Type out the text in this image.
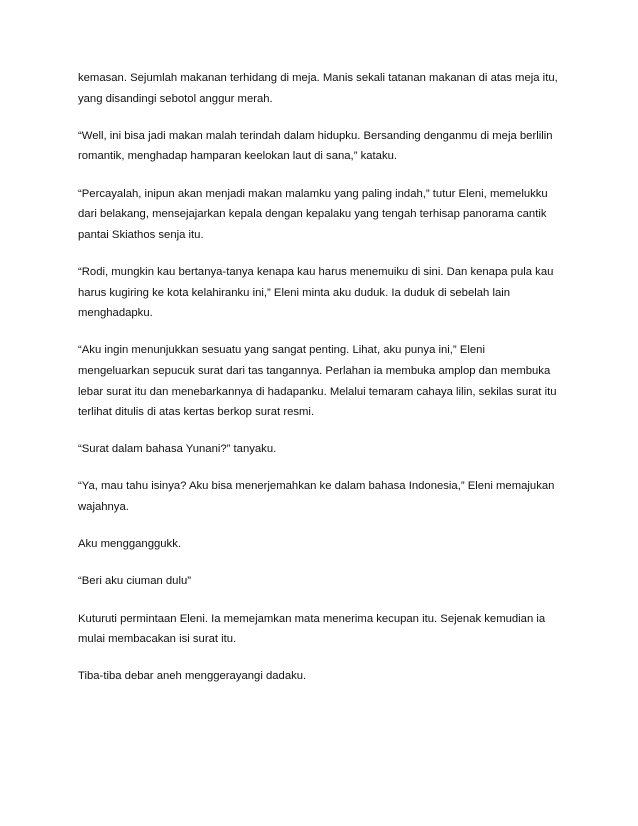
kemasan. Sejumlah makanan terhidang di meja. Manis sekali tatanan makanan di atas meja itu,
yang disandingi sebotol anggur merah.

“Well, ini bisa jadi makan malah terindah dalam hidupku. Bersanding denganmu di meja berlilin
romantik, menghadap hamparan keelokan laut di sana,” kataku.

“Percayalah, inipun akan menjadi makan malamku yang paling indah,” tutur Eleni, memelukku
dari belakang, mensejajarkan kepala dengan kepalaku yang tengah terhisap panorama cantik
pantai Skiathos senja itu.

“Rodi, mungkin kau bertanya-tanya kenapa kau harus menemuiku di sini. Dan kenapa pula kau
harus kugiring ke kota kelahiranku ini,” Eleni minta aku duduk. Ia duduk di sebelah lain
menghadapku.

“Aku ingin menunjukkan sesuatu yang sangat penting. Lihat, aku punya ini,” Eleni
mengeluarkan sepucuk surat dari tas tangannya. Perlahan ia membuka amplop dan membuka
lebar surat itu dan menebarkannya di hadapanku. Melalui temaram cahaya lilin, sekilas surat itu
terlihat ditulis di atas kertas berkop surat resmi.

“Surat dalam bahasa Yunani?” tanyaku.

“Ya, mau tahu isinya? Aku bisa menerjemahkan ke dalam bahasa Indonesia,” Eleni memajukan
wajahnya.

Aku mengganggukk.

“Beri aku ciuman dulu”

Kuturuti permintaan Eleni. Ia memejamkan mata menerima kecupan itu. Sejenak kemudian ia
mulai membacakan isi surat itu.

Tiba-tiba debar aneh menggerayangi dadaku.
